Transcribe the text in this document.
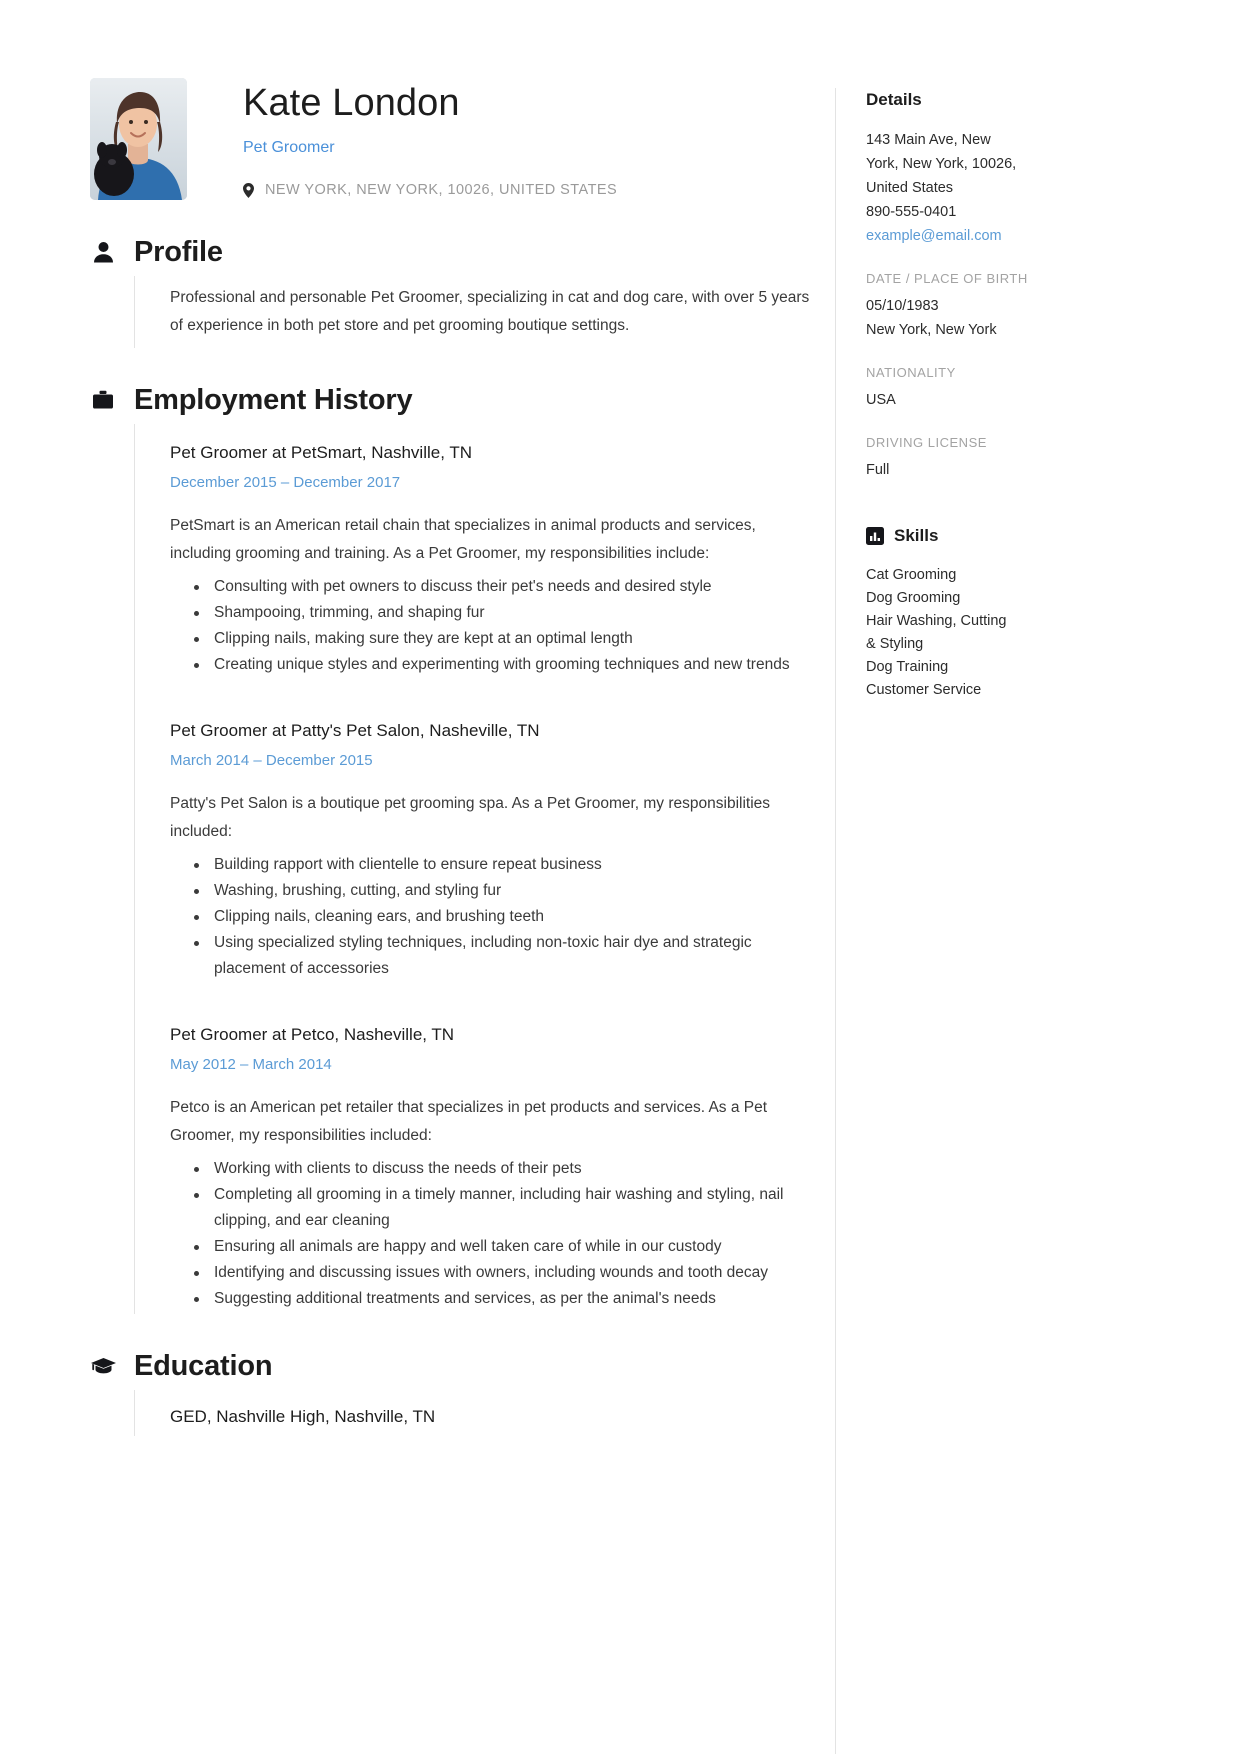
Kate London
Pet Groomer
NEW YORK, NEW YORK, 10026, UNITED STATES
Profile
Professional and personable Pet Groomer, specializing in cat and dog care, with over 5 years of experience in both pet store and pet grooming boutique settings.
Employment History
Pet Groomer at PetSmart, Nashville, TN
December 2015 – December 2017
PetSmart is an American retail chain that specializes in animal products and services, including grooming and training. As a Pet Groomer, my responsibilities include:
Consulting with pet owners to discuss their pet's needs and desired style
Shampooing, trimming, and shaping fur
Clipping nails, making sure they are kept at an optimal length
Creating unique styles and experimenting with grooming techniques and new trends
Pet Groomer at Patty's Pet Salon, Nasheville, TN
March 2014 – December 2015
Patty's Pet Salon is a boutique pet grooming spa. As a Pet Groomer, my responsibilities included:
Building rapport with clientelle to ensure repeat business
Washing, brushing, cutting, and styling fur
Clipping nails, cleaning ears, and brushing teeth
Using specialized styling techniques, including non-toxic hair dye and strategic placement of accessories
Pet Groomer at Petco, Nasheville, TN
May 2012 – March 2014
Petco is an American pet retailer that specializes in pet products and services. As a Pet Groomer, my responsibilities included:
Working with clients to discuss the needs of their pets
Completing all grooming in a timely manner, including hair washing and styling, nail clipping, and ear cleaning
Ensuring all animals are happy and well taken care of while in our custody
Identifying and discussing issues with owners, including wounds and tooth decay
Suggesting additional treatments and services, as per the animal's needs
Education
GED, Nashville High, Nashville, TN
Details
143 Main Ave, New
York, New York, 10026,
United States
890-555-0401
example@email.com
DATE / PLACE OF BIRTH
05/10/1983
New York, New York
NATIONALITY
USA
DRIVING LICENSE
Full
Skills
Cat Grooming
Dog Grooming
Hair Washing, Cutting
& Styling
Dog Training
Customer Service
